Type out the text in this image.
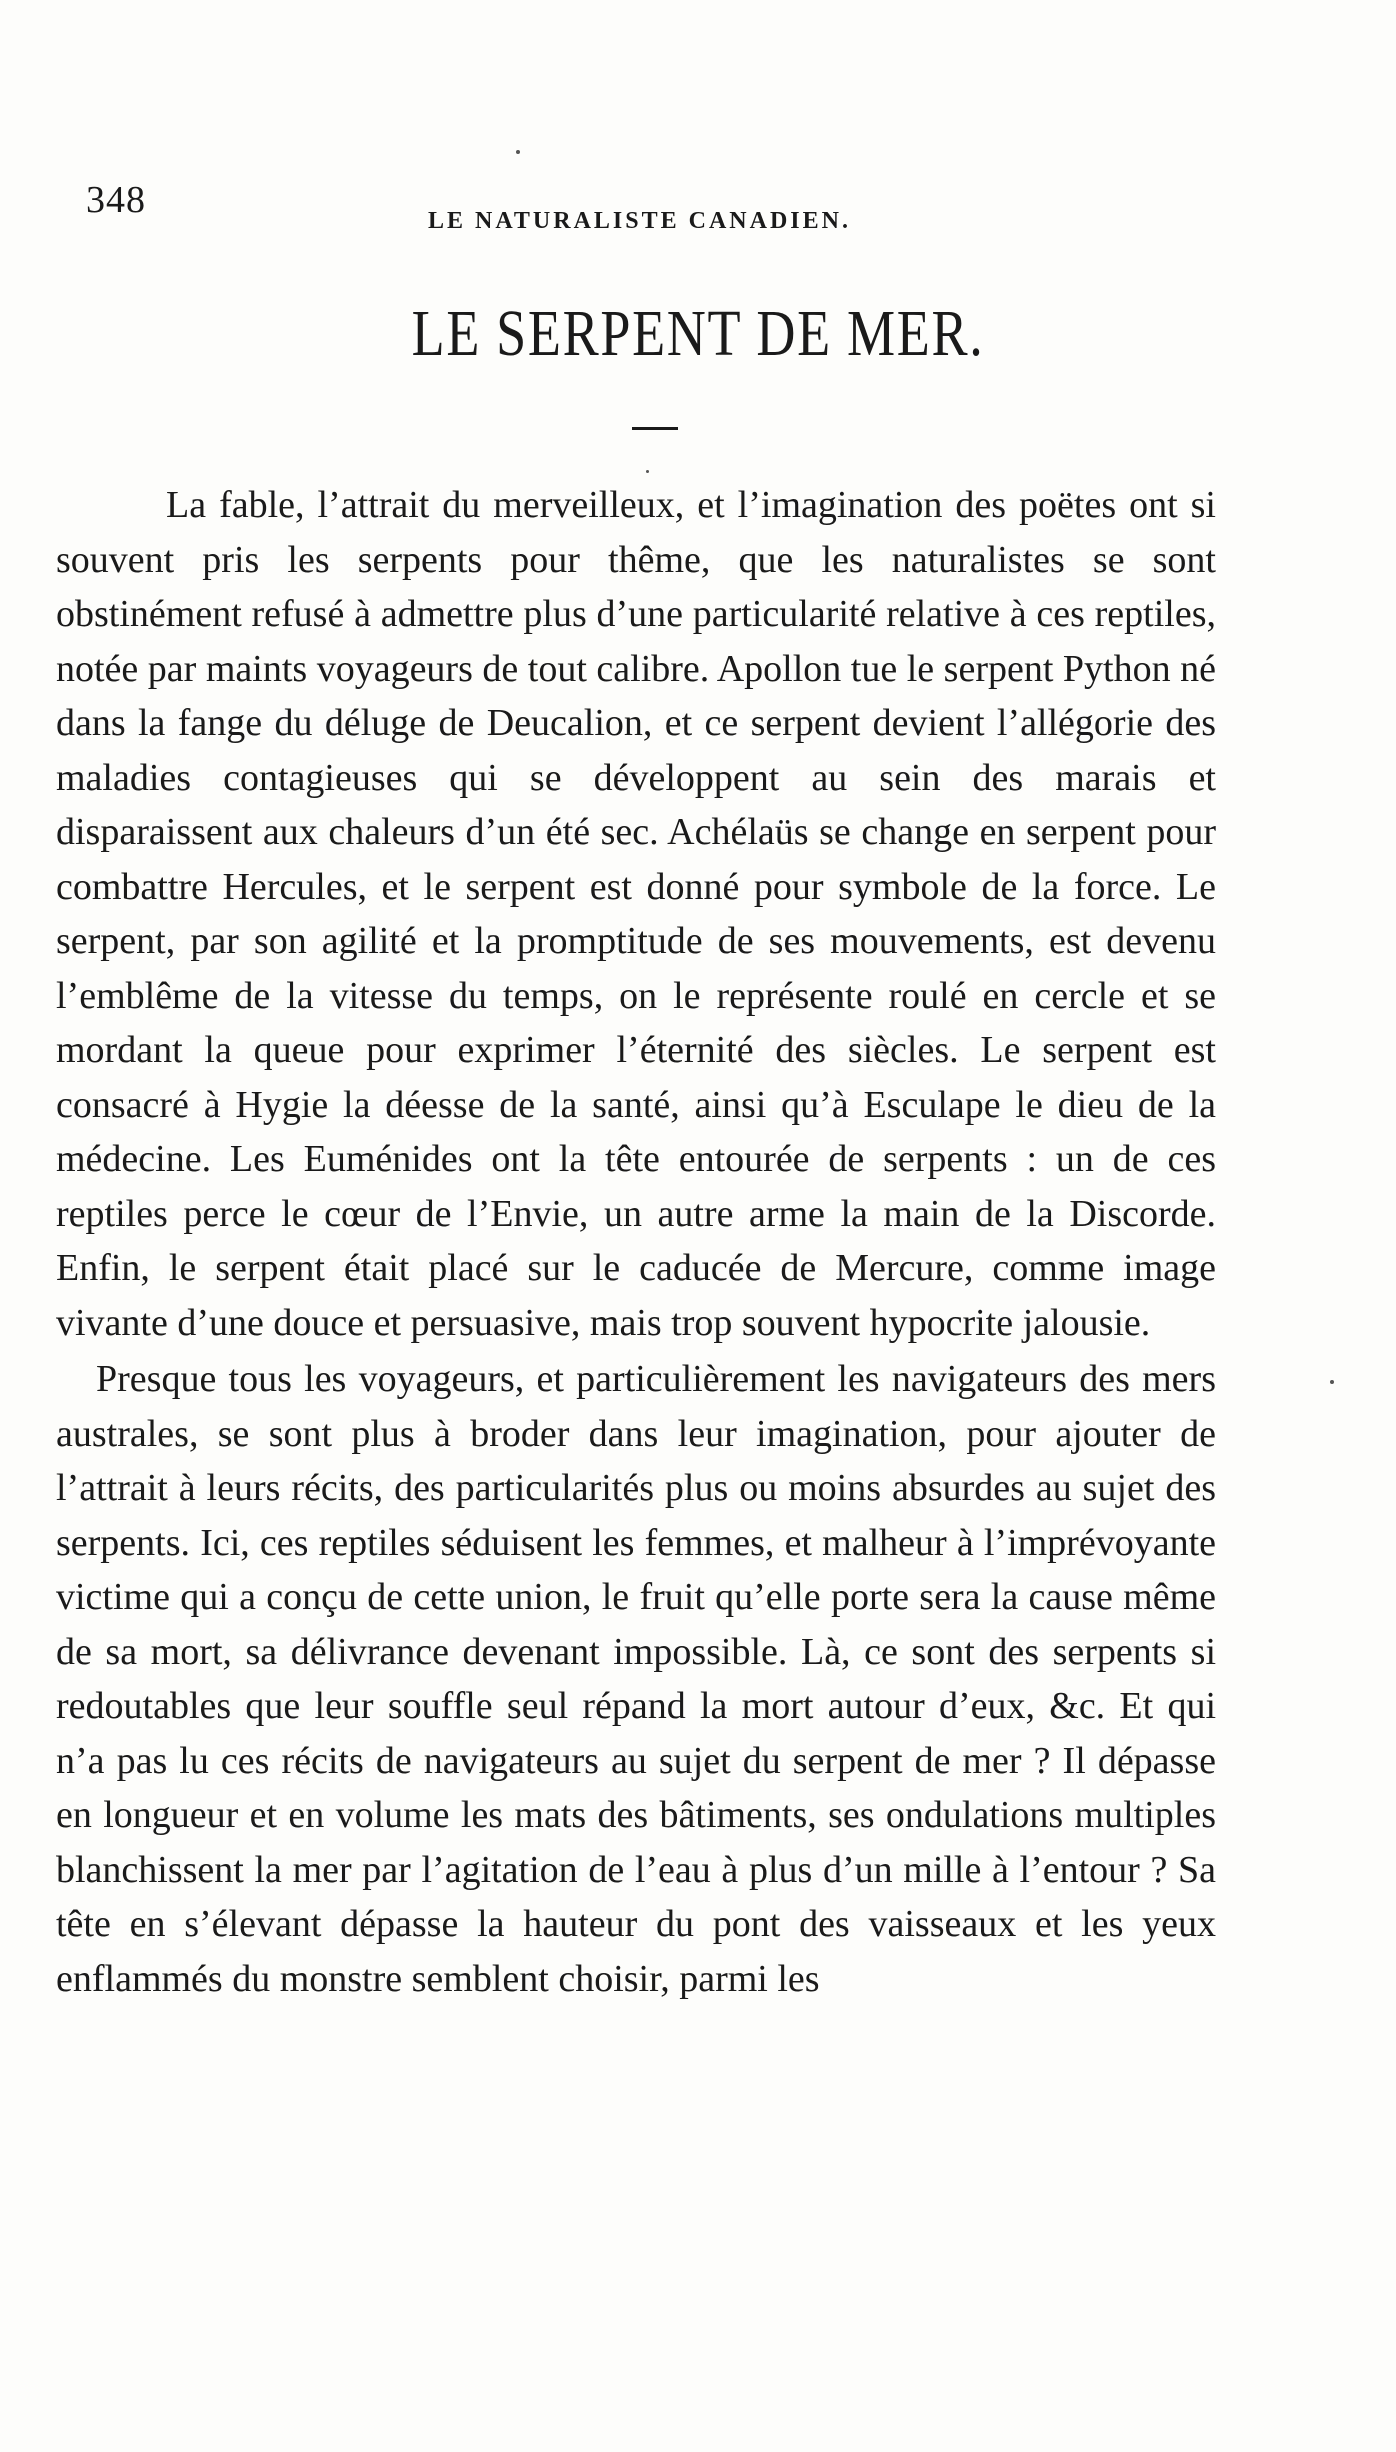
348	LE NATURALISTE CANADIEN.
LE SERPENT DE MER.

La fable, l’attrait du merveilleux, et l’imagination des poëtes ont si souvent pris les serpents pour thême, que les naturalistes se sont obstinément refusé à admettre plus d’une particularité relative à ces reptiles, notée par maints voyageurs de tout calibre. Apollon tue le serpent Python né dans la fange du déluge de Deucalion, et ce serpent devient l’allégorie des maladies contagieuses qui se développent au sein des marais et disparaissent aux chaleurs d’un été sec. Achélaüs se change en serpent pour combattre Hercules, et le serpent est donné pour symbole de la force. Le serpent, par son agilité et la promptitude de ses mouvements, est devenu l’emblême de la vitesse du temps, on le représente roulé en cercle et se mordant la queue pour exprimer l’éternité des siècles. Le serpent est consacré à Hygie la déesse de la santé, ainsi qu’à Esculape le dieu de la médecine. Les Euménides ont la tête entourée de serpents : un de ces reptiles perce le cœur de l’Envie, un autre arme la main de la Discorde. Enfin, le serpent était placé sur le caducée de Mercure, comme image vivante d’une douce et persuasive, mais trop souvent hypocrite jalousie.

Presque tous les voyageurs, et particulièrement les navigateurs des mers australes, se sont plus à broder dans leur imagination, pour ajouter de l’attrait à leurs récits, des particularités plus ou moins absurdes au sujet des serpents. Ici, ces reptiles séduisent les femmes, et malheur à l’imprévoyante victime qui a conçu de cette union, le fruit qu’elle porte sera la cause même de sa mort, sa délivrance devenant impossible. Là, ce sont des serpents si redoutables que leur souffle seul répand la mort autour d’eux, &c. Et qui n’a pas lu ces récits de navigateurs au sujet du serpent de mer ? Il dépasse en longueur et en volume les mats des bâtiments, ses ondulations multiples blanchissent la mer par l’agitation de l’eau à plus d’un mille à l’entour ? Sa tête en s’élevant dépasse la hauteur du pont des vaisseaux et les yeux enflammés du monstre semblent choisir, parmi les
